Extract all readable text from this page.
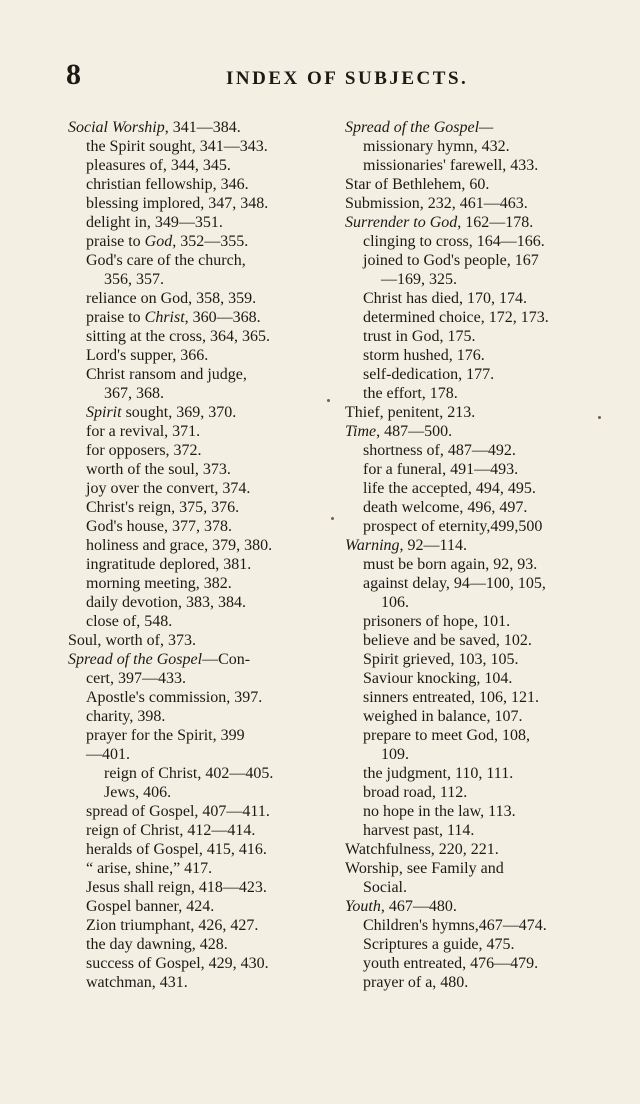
8	INDEX OF SUBJECTS.
Social Worship, 341—384.
the Spirit sought, 341—343.
pleasures of, 344, 345.
christian fellowship, 346.
blessing implored, 347, 348.
delight in, 349—351.
praise to God, 352—355.
God's care of the church,
356, 357.
reliance on God, 358, 359.
praise to Christ, 360—368.
sitting at the cross, 364, 365.
Lord's supper, 366.
Christ ransom and judge,
367, 368.
Spirit sought, 369, 370.
for a revival, 371.
for opposers, 372.
worth of the soul, 373.
joy over the convert, 374.
Christ's reign, 375, 376.
God's house, 377, 378.
holiness and grace, 379, 380.
ingratitude deplored, 381.
morning meeting, 382.
daily devotion, 383, 384.
close of, 548.
Soul, worth of, 373.
Spread of the Gospel—Con-
cert, 397—433.
Apostle's commission, 397.
charity, 398.
prayer for the Spirit, 399
—401.
reign of Christ, 402—405.
Jews, 406.
spread of Gospel, 407—411.
reign of Christ, 412—414.
heralds of Gospel, 415, 416.
“ arise, shine,” 417.
Jesus shall reign, 418—423.
Gospel banner, 424.
Zion triumphant, 426, 427.
the day dawning, 428.
success of Gospel, 429, 430.
watchman, 431.
Spread of the Gospel—
missionary hymn, 432.
missionaries' farewell, 433.
Star of Bethlehem, 60.
Submission, 232, 461—463.
Surrender to God, 162—178.
clinging to cross, 164—166.
joined to God's people, 167
—169, 325.
Christ has died, 170, 174.
determined choice, 172, 173.
trust in God, 175.
storm hushed, 176.
self-dedication, 177.
the effort, 178.
Thief, penitent, 213.
Time, 487—500.
shortness of, 487—492.
for a funeral, 491—493.
life the accepted, 494, 495.
death welcome, 496, 497.
prospect of eternity,499,500
Warning, 92—114.
must be born again, 92, 93.
against delay, 94—100, 105,
106.
prisoners of hope, 101.
believe and be saved, 102.
Spirit grieved, 103, 105.
Saviour knocking, 104.
sinners entreated, 106, 121.
weighed in balance, 107.
prepare to meet God, 108,
109.
the judgment, 110, 111.
broad road, 112.
no hope in the law, 113.
harvest past, 114.
Watchfulness, 220, 221.
Worship, see Family and
Social.
Youth, 467—480.
Children's hymns,467—474.
Scriptures a guide, 475.
youth entreated, 476—479.
prayer of a, 480.
